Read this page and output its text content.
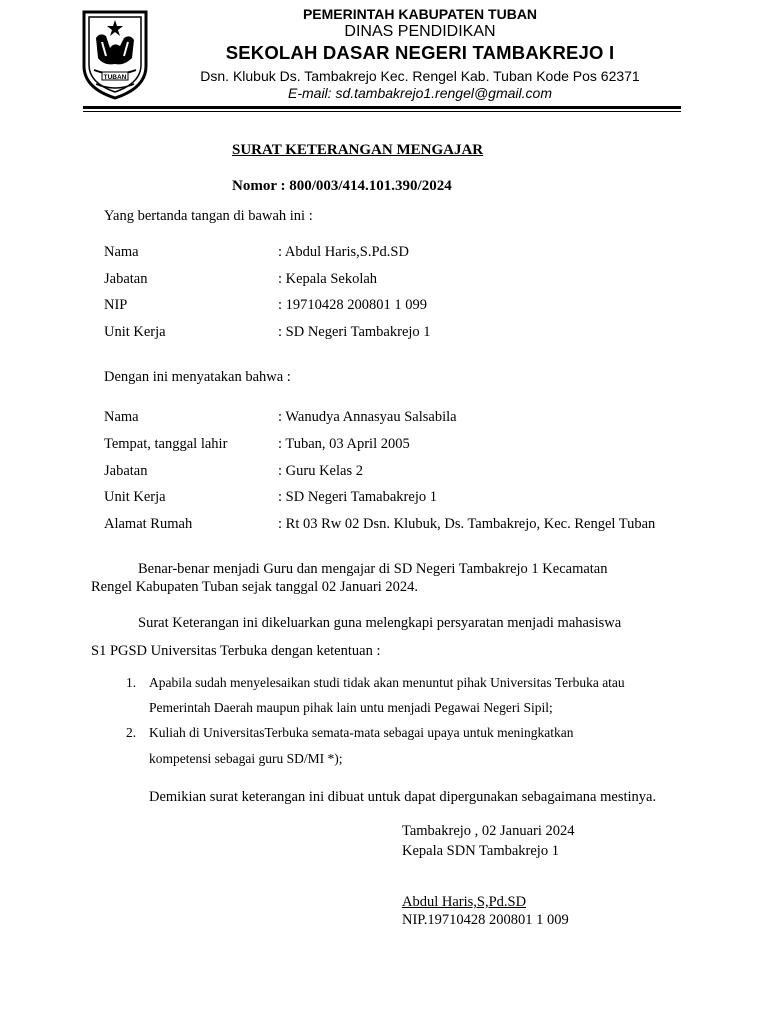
TUBAN
PEMERINTAH KABUPATEN TUBAN
DINAS PENDIDIKAN
SEKOLAH DASAR NEGERI TAMBAKREJO I
Dsn. Klubuk Ds. Tambakrejo Kec. Rengel Kab. Tuban Kode Pos 62371
E-mail: sd.tambakrejo1.rengel@gmail.com
SURAT KETERANGAN MENGAJAR
Nomor : 800/003/414.101.390/2024
Yang bertanda tangan di bawah ini :
Nama	: Abdul Haris,S.Pd.SD
Jabatan	: Kepala Sekolah
NIP	: 19710428 200801 1 099
Unit Kerja	: SD Negeri Tambakrejo 1
Dengan ini menyatakan bahwa :
Nama	: Wanudya Annasyau Salsabila
Tempat, tanggal lahir	: Tuban, 03 April 2005
Jabatan	: Guru Kelas 2
Unit Kerja	: SD Negeri Tamabakrejo 1
Alamat Rumah	: Rt 03 Rw 02 Dsn. Klubuk, Ds. Tambakrejo, Kec. Rengel Tuban
Benar-benar menjadi Guru dan mengajar di SD Negeri Tambakrejo 1 Kecamatan
Rengel Kabupaten Tuban sejak tanggal 02 Januari 2024.
Surat Keterangan ini dikeluarkan guna melengkapi persyaratan menjadi mahasiswa
S1 PGSD Universitas Terbuka dengan ketentuan :
1. Apabila sudah menyelesaikan studi tidak akan menuntut pihak Universitas Terbuka atau
Pemerintah Daerah maupun pihak lain untu menjadi Pegawai Negeri Sipil;
2. Kuliah di UniversitasTerbuka semata-mata sebagai upaya untuk meningkatkan
kompetensi sebagai guru SD/MI *);
Demikian surat keterangan ini dibuat untuk dapat dipergunakan sebagaimana mestinya.
Tambakrejo , 02 Januari 2024
Kepala SDN Tambakrejo 1
Abdul Haris,S,Pd.SD
NIP.19710428 200801 1 009
